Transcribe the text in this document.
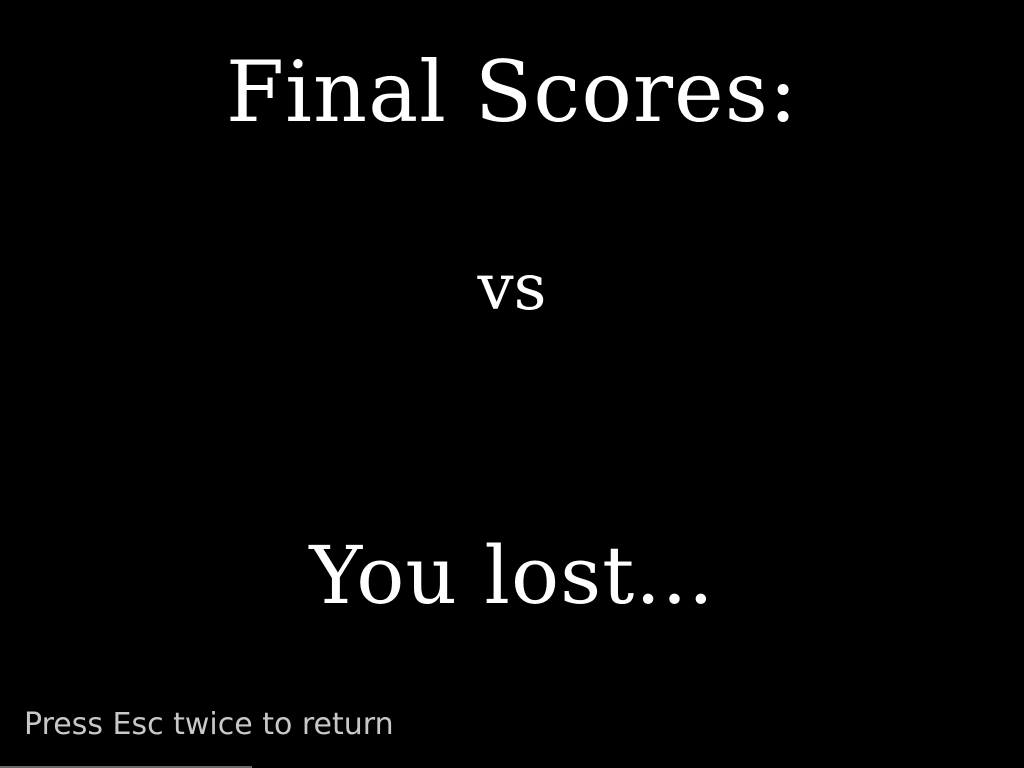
Final Scores:
vs
You lost...
Press Esc twice to return
